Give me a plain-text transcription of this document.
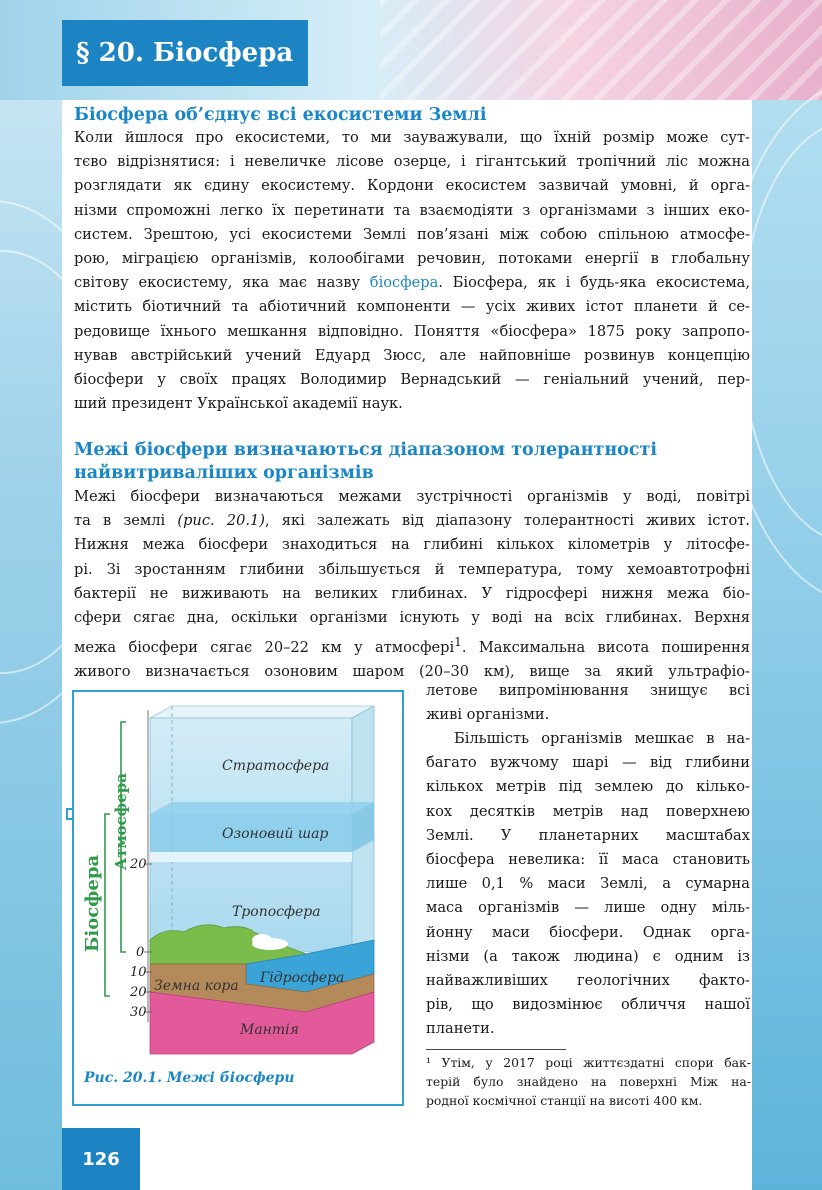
§ 20. Біосфера

Біосфера об’єднує всі екосистеми Землі

Коли йшлося про екосистеми, то ми зауважували, що їхній розмір може сут-
тєво відрізнятися: і невеличке лісове озерце, і гігантський тропічний ліс можна
розглядати як єдину екосистему. Кордони екосистем зазвичай умовні, й орга-
нізми спроможні легко їх перетинати та взаємодіяти з організмами з інших еко-
систем. Зрештою, усі екосистеми Землі пов’язані між собою спільною атмосфе-
рою, міграцією організмів, колообігами речовин, потоками енергії в глобальну
світову екосистему, яка має назву біосфера. Біосфера, як і будь-яка екосистема,
містить біотичний та абіотичний компоненти — усіх живих істот планети й се-
редовище їхнього мешкання відповідно. Поняття «біосфера» 1875 року запропо-
нував австрійський учений Едуард Зюсс, але найповніше розвинув концепцію
біосфери у своїх працях Володимир Вернадський — геніальний учений, пер-
ший президент Української академії наук.

Межі біосфери визначаються діапазоном толерантності
найвитриваліших організмів

Межі біосфери визначаються межами зустрічності організмів у воді, повітрі
та в землі (рис. 20.1), які залежать від діапазону толерантності живих істот.
Нижня межа біосфери знаходиться на глибині кількох кілометрів у літосфе-
рі. Зі зростанням глибини збільшується й температура, тому хемоавтотрофні
бактерії не виживають на великих глибинах. У гідросфері нижня межа біо-
сфери сягає дна, оскільки організми існують у воді на всіх глибинах. Верхня
межа біосфери сягає 20–22 км у атмосфері$^1$. Максимальна висота поширення
живого визначається озоновим шаром (20–30 км), вище за який ультрафіо-
летове випромінювання знищує всі
живі організми.
Більшість організмів мешкає в на-
багато вужчому шарі — від глибини
кількох метрів під землею до кілько-
кох десятків метрів над поверхнею
Землі. У планетарних масштабах
біосфера невелика: її маса становить
лише 0,1 % маси Землі, а сумарна
маса організмів — лише одну міль-
йонну маси біосфери. Однак орга-
нізми (а також людина) є одним із
найважливіших геологічних факто-
рів, що видозмінює обличчя нашої
планети.
Стратосфера
Озоновий шар
Тропосфера
Гідросфера
Земна кора
Мантія
20
0
10
20
30
Атмосфера
Біосфера
Рис. 20.1. Межі біосфери
¹ Утім, у 2017 році життєздатні спори бак-
терій було знайдено на поверхні Між на-
родної космічної станції на висоті 400 км.
126
